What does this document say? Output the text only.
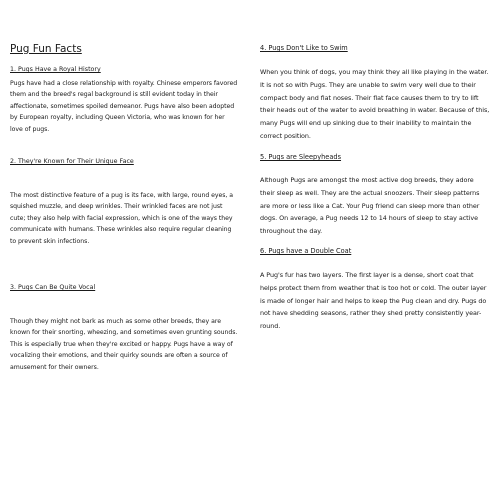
Pug Fun Facts
1. Pugs Have a Royal History

Pugs have had a close relationship with royalty. Chinese emperors favored them and the breed's regal background is still evident today in their affectionate, sometimes spoiled demeanor. Pugs have also been adopted by European royalty, including Queen Victoria, who was known for her love of pugs.

2. They're Known for Their Unique Face

The most distinctive feature of a pug is its face, with large, round eyes, a squished muzzle, and deep wrinkles. Their wrinkled faces are not just cute; they also help with facial expression, which is one of the ways they communicate with humans. These wrinkles also require regular cleaning to prevent skin infections.

3. Pugs Can Be Quite Vocal

Though they might not bark as much as some other breeds, they are known for their snorting, wheezing, and sometimes even grunting sounds. This is especially true when they're excited or happy. Pugs have a way of vocalizing their emotions, and their quirky sounds are often a source of amusement for their owners.

4. Pugs Don't Like to Swim

When you think of dogs, you may think they all like playing in the water. It is not so with Pugs. They are unable to swim very well due to their compact body and flat noses. Their flat face causes them to try to lift their heads out of the water to avoid breathing in water. Because of this, many Pugs will end up sinking due to their inability to maintain the correct position.

5. Pugs are Sleepyheads

Although Pugs are amongst the most active dog breeds, they adore their sleep as well. They are the actual snoozers. Their sleep patterns are more or less like a Cat. Your Pug friend can sleep more than other dogs. On average, a Pug needs 12 to 14 hours of sleep to stay active throughout the day.

6. Pugs have a Double Coat

A Pug's fur has two layers. The first layer is a dense, short coat that helps protect them from weather that is too hot or cold. The outer layer is made of longer hair and helps to keep the Pug clean and dry. Pugs do not have shedding seasons, rather they shed pretty consistently year-round.
